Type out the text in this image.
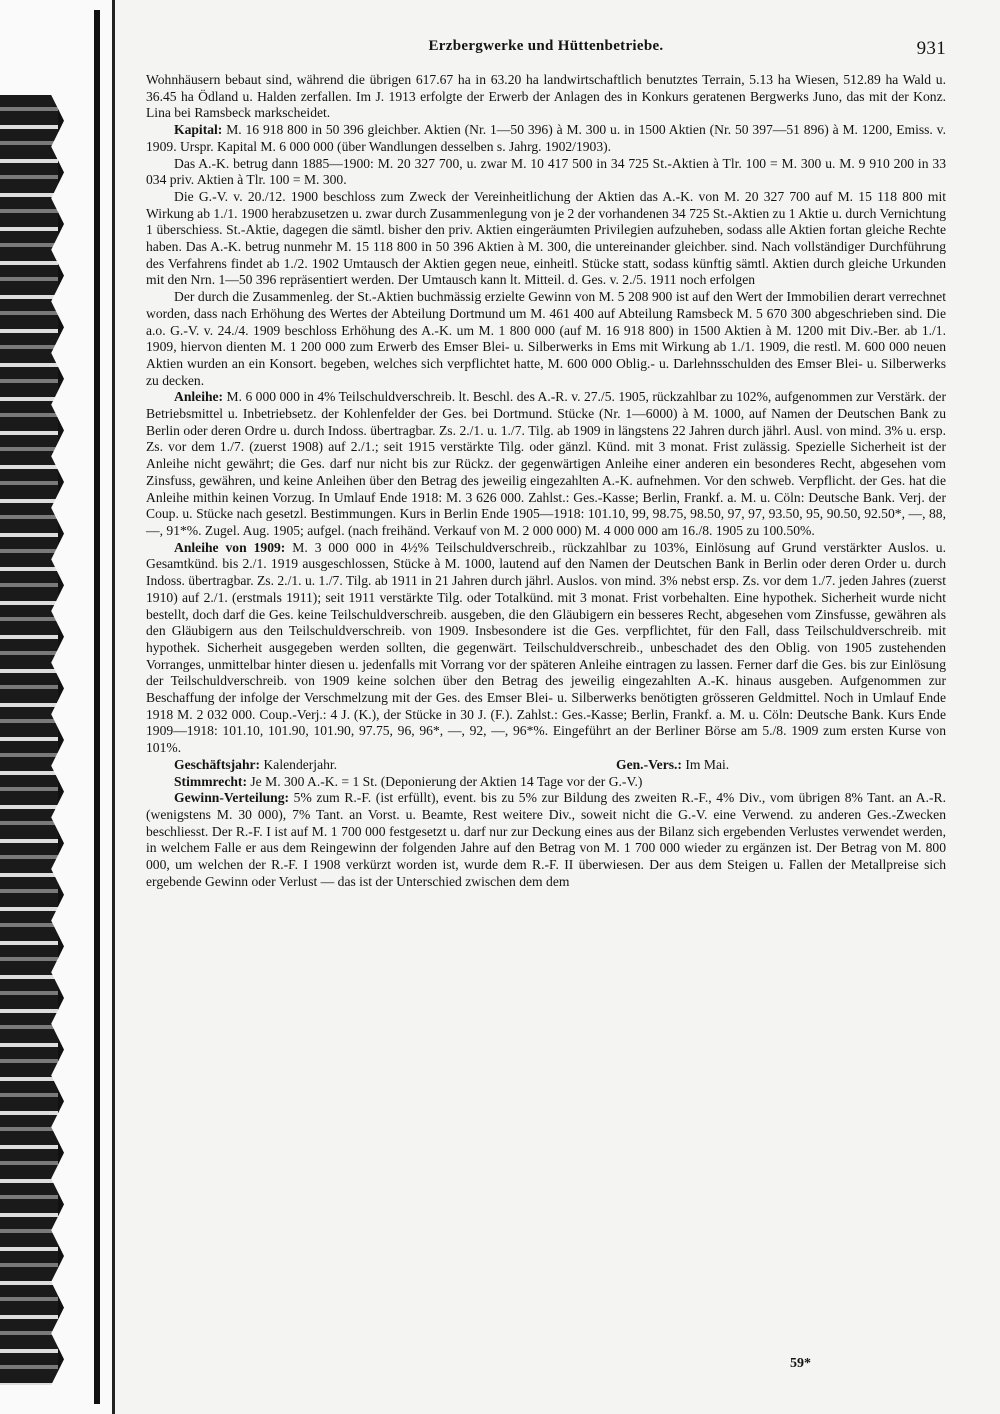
Erzbergwerke und Hüttenbetriebe.	931

Wohnhäusern bebaut sind, während die übrigen 617.67 ha in 63.20 ha landwirtschaftlich benutztes Terrain, 5.13 ha Wiesen, 512.89 ha Wald u. 36.45 ha Ödland u. Halden zerfallen. Im J. 1913 erfolgte der Erwerb der Anlagen des in Konkurs geratenen Bergwerks Juno, das mit der Konz. Lina bei Ramsbeck markscheidet.

Kapital: M. 16 918 800 in 50 396 gleichber. Aktien (Nr. 1—50 396) à M. 300 u. in 1500 Aktien (Nr. 50 397—51 896) à M. 1200, Emiss. v. 1909. Urspr. Kapital M. 6 000 000 (über Wandlungen desselben s. Jahrg. 1902/1903).

Das A.-K. betrug dann 1885—1900: M. 20 327 700, u. zwar M. 10 417 500 in 34 725 St.-Aktien à Tlr. 100 = M. 300 u. M. 9 910 200 in 33 034 priv. Aktien à Tlr. 100 = M. 300.

Die G.-V. v. 20./12. 1900 beschloss zum Zweck der Vereinheitlichung der Aktien das A.-K. von M. 20 327 700 auf M. 15 118 800 mit Wirkung ab 1./1. 1900 herabzusetzen u. zwar durch Zusammenlegung von je 2 der vorhandenen 34 725 St.-Aktien zu 1 Aktie u. durch Vernichtung 1 überschiess. St.-Aktie, dagegen die sämtl. bisher den priv. Aktien eingeräumten Privilegien aufzuheben, sodass alle Aktien fortan gleiche Rechte haben. Das A.-K. betrug nunmehr M. 15 118 800 in 50 396 Aktien à M. 300, die untereinander gleichber. sind. Nach vollständiger Durchführung des Verfahrens findet ab 1./2. 1902 Umtausch der Aktien gegen neue, einheitl. Stücke statt, sodass künftig sämtl. Aktien durch gleiche Urkunden mit den Nrn. 1—50 396 repräsentiert werden. Der Umtausch kann lt. Mitteil. d. Ges. v. 2./5. 1911 noch erfolgen

Der durch die Zusammenleg. der St.-Aktien buchmässig erzielte Gewinn von M. 5 208 900 ist auf den Wert der Immobilien derart verrechnet worden, dass nach Erhöhung des Wertes der Abteilung Dortmund um M. 461 400 auf Abteilung Ramsbeck M. 5 670 300 abgeschrieben sind. Die a.o. G.-V. v. 24./4. 1909 beschloss Erhöhung des A.-K. um M. 1 800 000 (auf M. 16 918 800) in 1500 Aktien à M. 1200 mit Div.-Ber. ab 1./1. 1909, hiervon dienten M. 1 200 000 zum Erwerb des Emser Blei- u. Silberwerks in Ems mit Wirkung ab 1./1. 1909, die restl. M. 600 000 neuen Aktien wurden an ein Konsort. begeben, welches sich verpflichtet hatte, M. 600 000 Oblig.- u. Darlehnsschulden des Emser Blei- u. Silberwerks zu decken.

Anleihe: M. 6 000 000 in 4% Teilschuldverschreib. lt. Beschl. des A.-R. v. 27./5. 1905, rückzahlbar zu 102%, aufgenommen zur Verstärk. der Betriebsmittel u. Inbetriebsetz. der Kohlenfelder der Ges. bei Dortmund. Stücke (Nr. 1—6000) à M. 1000, auf Namen der Deutschen Bank zu Berlin oder deren Ordre u. durch Indoss. übertragbar. Zs. 2./1. u. 1./7. Tilg. ab 1909 in längstens 22 Jahren durch jährl. Ausl. von mind. 3% u. ersp. Zs. vor dem 1./7. (zuerst 1908) auf 2./1.; seit 1915 verstärkte Tilg. oder gänzl. Künd. mit 3 monat. Frist zulässig. Spezielle Sicherheit ist der Anleihe nicht gewährt; die Ges. darf nur nicht bis zur Rückz. der gegenwärtigen Anleihe einer anderen ein besonderes Recht, abgesehen vom Zinsfuss, gewähren, und keine Anleihen über den Betrag des jeweilig eingezahlten A.-K. aufnehmen. Vor den schweb. Verpflicht. der Ges. hat die Anleihe mithin keinen Vorzug. In Umlauf Ende 1918: M. 3 626 000. Zahlst.: Ges.-Kasse; Berlin, Frankf. a. M. u. Cöln: Deutsche Bank. Verj. der Coup. u. Stücke nach gesetzl. Bestimmungen. Kurs in Berlin Ende 1905—1918: 101.10, 99, 98.75, 98.50, 97, 97, 93.50, 95, 90.50, 92.50*, —, 88, —, 91*%. Zugel. Aug. 1905; aufgel. (nach freihänd. Verkauf von M. 2 000 000) M. 4 000 000 am 16./8. 1905 zu 100.50%.

Anleihe von 1909: M. 3 000 000 in 4½% Teilschuldverschreib., rückzahlbar zu 103%, Einlösung auf Grund verstärkter Auslos. u. Gesamtkünd. bis 2./1. 1919 ausgeschlossen, Stücke à M. 1000, lautend auf den Namen der Deutschen Bank in Berlin oder deren Order u. durch Indoss. übertragbar. Zs. 2./1. u. 1./7. Tilg. ab 1911 in 21 Jahren durch jährl. Auslos. von mind. 3% nebst ersp. Zs. vor dem 1./7. jeden Jahres (zuerst 1910) auf 2./1. (erstmals 1911); seit 1911 verstärkte Tilg. oder Totalkünd. mit 3 monat. Frist vorbehalten. Eine hypothek. Sicherheit wurde nicht bestellt, doch darf die Ges. keine Teilschuldverschreib. ausgeben, die den Gläubigern ein besseres Recht, abgesehen vom Zinsfusse, gewähren als den Gläubigern aus den Teilschuldverschreib. von 1909. Insbesondere ist die Ges. verpflichtet, für den Fall, dass Teilschuldverschreib. mit hypothek. Sicherheit ausgegeben werden sollten, die gegenwärt. Teilschuldverschreib., unbeschadet des den Oblig. von 1905 zustehenden Vorranges, unmittelbar hinter diesen u. jedenfalls mit Vorrang vor der späteren Anleihe eintragen zu lassen. Ferner darf die Ges. bis zur Einlösung der Teilschuldverschreib. von 1909 keine solchen über den Betrag des jeweilig eingezahlten A.-K. hinaus ausgeben. Aufgenommen zur Beschaffung der infolge der Verschmelzung mit der Ges. des Emser Blei- u. Silberwerks benötigten grösseren Geldmittel. Noch in Umlauf Ende 1918 M. 2 032 000. Coup.-Verj.: 4 J. (K.), der Stücke in 30 J. (F.). Zahlst.: Ges.-Kasse; Berlin, Frankf. a. M. u. Cöln: Deutsche Bank. Kurs Ende 1909—1918: 101.10, 101.90, 101.90, 97.75, 96, 96*, —, 92, —, 96*%. Eingeführt an der Berliner Börse am 5./8. 1909 zum ersten Kurse von 101%.

Geschäftsjahr: Kalenderjahr.	Gen.-Vers.: Im Mai.

Stimmrecht: Je M. 300 A.-K. = 1 St. (Deponierung der Aktien 14 Tage vor der G.-V.)

Gewinn-Verteilung: 5% zum R.-F. (ist erfüllt), event. bis zu 5% zur Bildung des zweiten R.-F., 4% Div., vom übrigen 8% Tant. an A.-R. (wenigstens M. 30 000), 7% Tant. an Vorst. u. Beamte, Rest weitere Div., soweit nicht die G.-V. eine Verwend. zu anderen Ges.-Zwecken beschliesst. Der R.-F. I ist auf M. 1 700 000 festgesetzt u. darf nur zur Deckung eines aus der Bilanz sich ergebenden Verlustes verwendet werden, in welchem Falle er aus dem Reingewinn der folgenden Jahre auf den Betrag von M. 1 700 000 wieder zu ergänzen ist. Der Betrag von M. 800 000, um welchen der R.-F. I 1908 verkürzt worden ist, wurde dem R.-F. II überwiesen. Der aus dem Steigen u. Fallen der Metallpreise sich ergebende Gewinn oder Verlust — das ist der Unterschied zwischen dem dem

59*
